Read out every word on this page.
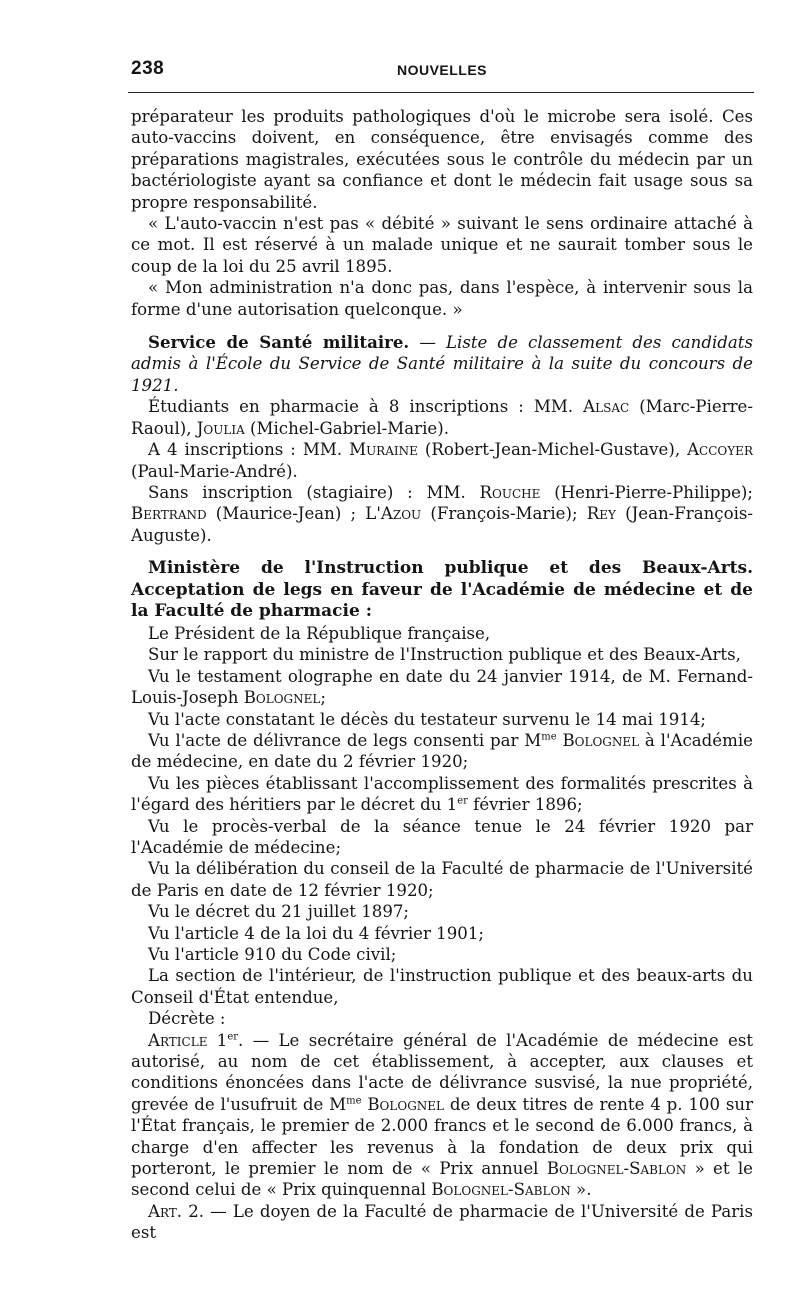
238	NOUVELLES

préparateur les produits pathologiques d'où le microbe sera isolé. Ces auto-vaccins doivent, en conséquence, être envisagés comme des préparations magistrales, exécutées sous le contrôle du médecin par un bactériologiste ayant sa confiance et dont le médecin fait usage sous sa propre responsabilité.

« L'auto-vaccin n'est pas « débité » suivant le sens ordinaire attaché à ce mot. Il est réservé à un malade unique et ne saurait tomber sous le coup de la loi du 25 avril 1895.

« Mon administration n'a donc pas, dans l'espèce, à intervenir sous la forme d'une autorisation quelconque. »

Service de Santé militaire. — Liste de classement des candidats admis à l'École du Service de Santé militaire à la suite du concours de 1921.

Étudiants en pharmacie à 8 inscriptions : MM. Alsac (Marc-Pierre-Raoul), Joulia (Michel-Gabriel-Marie).

A 4 inscriptions : MM. Muraine (Robert-Jean-Michel-Gustave), Accoyer (Paul-Marie-André).

Sans inscription (stagiaire) : MM. Rouche (Henri-Pierre-Philippe); Bertrand (Maurice-Jean) ; L'Azou (François-Marie); Rey (Jean-François-Auguste).

Ministère de l'Instruction publique et des Beaux-Arts. Acceptation de legs en faveur de l'Académie de médecine et de la Faculté de pharmacie :

Le Président de la République française,

Sur le rapport du ministre de l'Instruction publique et des Beaux-Arts,

Vu le testament olographe en date du 24 janvier 1914, de M. Fernand-Louis-Joseph Bolognel;

Vu l'acte constatant le décès du testateur survenu le 14 mai 1914;

Vu l'acte de délivrance de legs consenti par $M^{me}$ Bolognel à l'Académie de médecine, en date du 2 février 1920;

Vu les pièces établissant l'accomplissement des formalités prescrites à l'égard des héritiers par le décret du 1er février 1896;

Vu le procès-verbal de la séance tenue le 24 février 1920 par l'Académie de médecine;

Vu la délibération du conseil de la Faculté de pharmacie de l'Université de Paris en date de 12 février 1920;

Vu le décret du 21 juillet 1897;

Vu l'article 4 de la loi du 4 février 1901;

Vu l'article 910 du Code civil;

La section de l'intérieur, de l'instruction publique et des beaux-arts du Conseil d'État entendue,

Décrète :

Article 1er. — Le secrétaire général de l'Académie de médecine est autorisé, au nom de cet établissement, à accepter, aux clauses et conditions énoncées dans l'acte de délivrance susvisé, la nue propriété, grevée de l'usufruit de $M^{me}$ Bolognel de deux titres de rente 4 p. 100 sur l'État français, le premier de 2.000 francs et le second de 6.000 francs, à charge d'en affecter les revenus à la fondation de deux prix qui porteront, le premier le nom de « Prix annuel Bolognel-Sablon » et le second celui de « Prix quinquennal Bolognel-Sablon ».

Art. 2. — Le doyen de la Faculté de pharmacie de l'Université de Paris est
